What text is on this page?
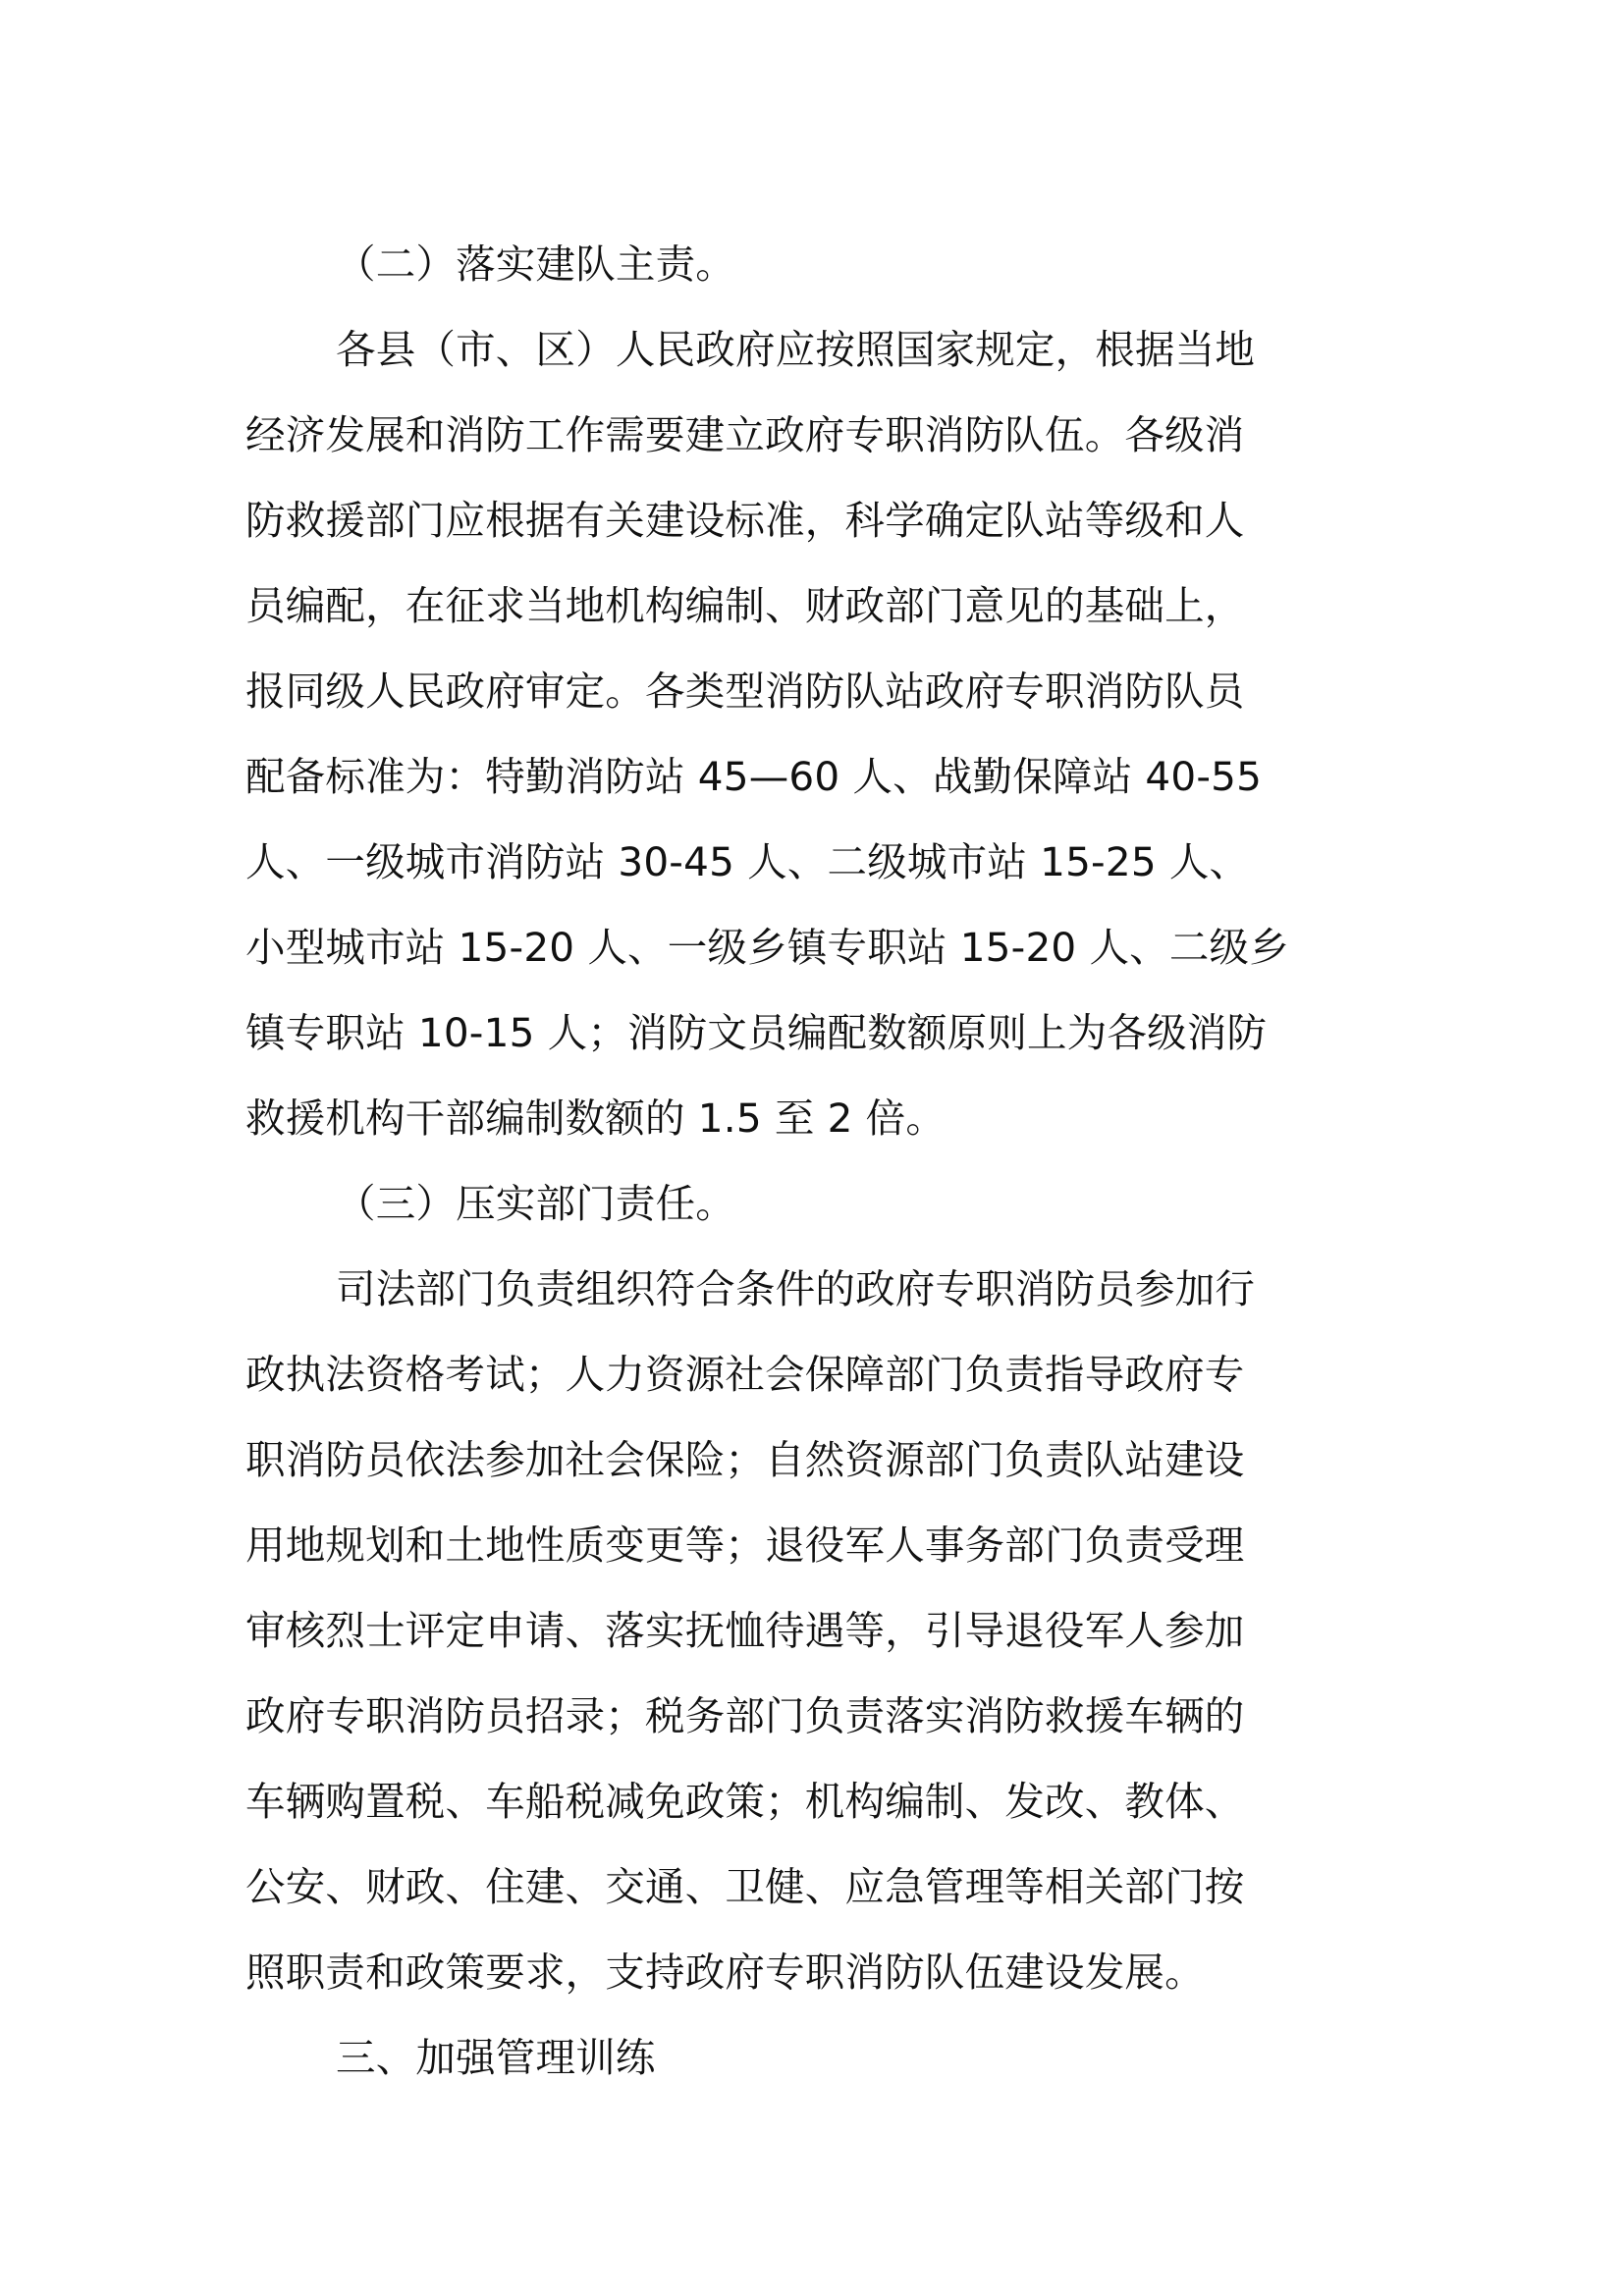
（二）落实建队主责。
各县（市、区）人民政府应按照国家规定，根据当地
经济发展和消防工作需要建立政府专职消防队伍。各级消
防救援部门应根据有关建设标准，科学确定队站等级和人
员编配，在征求当地机构编制、财政部门意见的基础上，
报同级人民政府审定。各类型消防队站政府专职消防队员
配备标准为：特勤消防站 45—60 人、战勤保障站 40-55
人、一级城市消防站 30-45 人、二级城市站 15-25 人、
小型城市站 15-20 人、一级乡镇专职站 15-20 人、二级乡
镇专职站 10-15 人；消防文员编配数额原则上为各级消防
救援机构干部编制数额的 1.5 至 2 倍。
（三）压实部门责任。
司法部门负责组织符合条件的政府专职消防员参加行
政执法资格考试；人力资源社会保障部门负责指导政府专
职消防员依法参加社会保险；自然资源部门负责队站建设
用地规划和土地性质变更等；退役军人事务部门负责受理
审核烈士评定申请、落实抚恤待遇等，引导退役军人参加
政府专职消防员招录；税务部门负责落实消防救援车辆的
车辆购置税、车船税减免政策；机构编制、发改、教体、
公安、财政、住建、交通、卫健、应急管理等相关部门按
照职责和政策要求，支持政府专职消防队伍建设发展。
三、加强管理训练
